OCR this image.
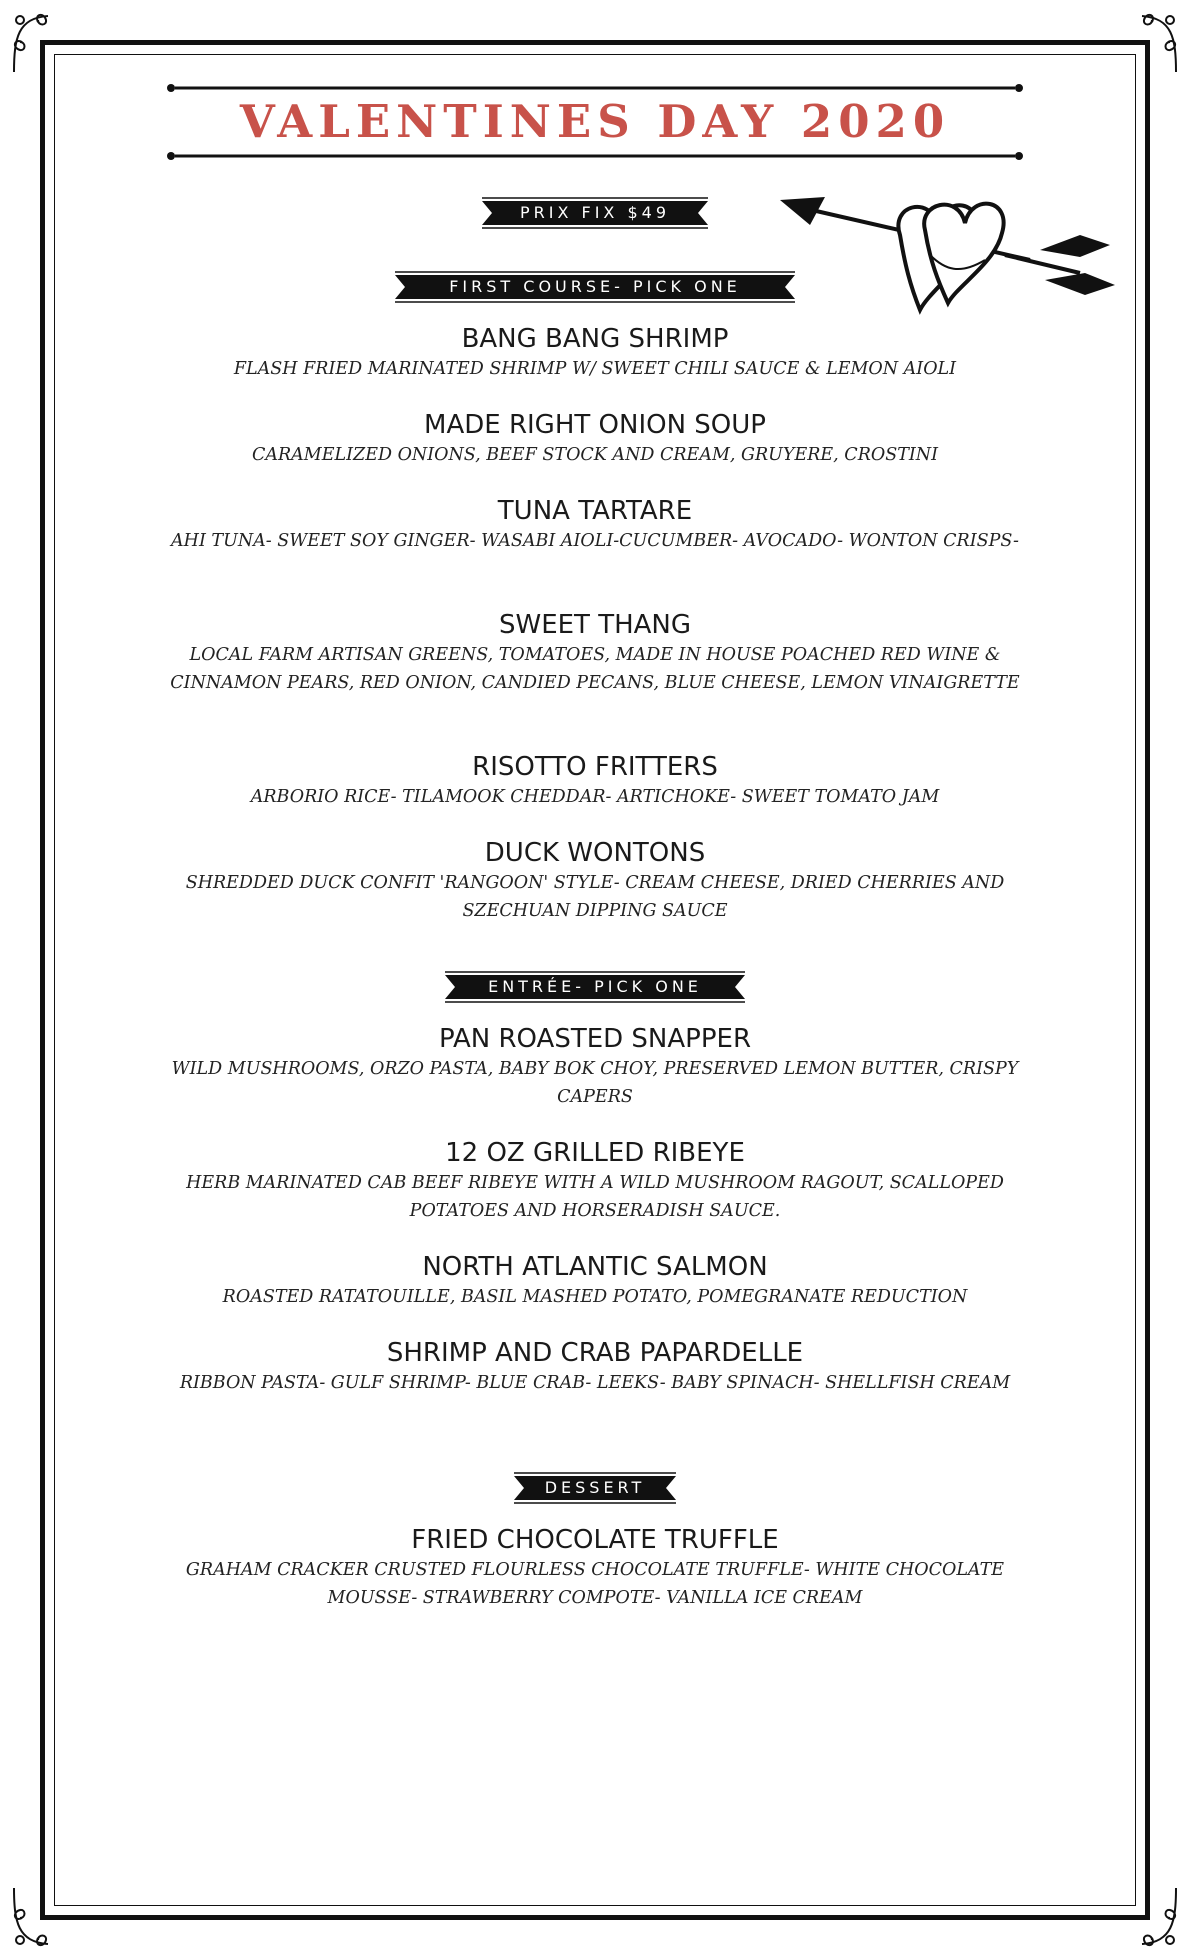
VALENTINES DAY 2020
PRIX FIX $49
FIRST COURSE- PICK ONE

BANG BANG SHRIMP

FLASH FRIED MARINATED SHRIMP W/ SWEET CHILI SAUCE & LEMON AIOLI

MADE RIGHT ONION SOUP

CARAMELIZED ONIONS, BEEF STOCK AND CREAM, GRUYERE, CROSTINI

TUNA TARTARE

AHI TUNA- SWEET SOY GINGER- WASABI AIOLI-CUCUMBER- AVOCADO- WONTON CRISPS-

SWEET THANG

LOCAL FARM ARTISAN GREENS, TOMATOES, MADE IN HOUSE POACHED RED WINE & CINNAMON PEARS, RED ONION, CANDIED PECANS, BLUE CHEESE, LEMON VINAIGRETTE

RISOTTO FRITTERS

ARBORIO RICE- TILAMOOK CHEDDAR- ARTICHOKE- SWEET TOMATO JAM

DUCK WONTONS

SHREDDED DUCK CONFIT 'RANGOON' STYLE- CREAM CHEESE, DRIED CHERRIES AND SZECHUAN DIPPING SAUCE

ENTRÉE- PICK ONE

PAN ROASTED SNAPPER

WILD MUSHROOMS, ORZO PASTA, BABY BOK CHOY, PRESERVED LEMON BUTTER, CRISPY CAPERS

12 OZ GRILLED RIBEYE

HERB MARINATED CAB BEEF RIBEYE WITH A WILD MUSHROOM RAGOUT, SCALLOPED POTATOES AND HORSERADISH SAUCE.

NORTH ATLANTIC SALMON

ROASTED RATATOUILLE, BASIL MASHED POTATO, POMEGRANATE REDUCTION

SHRIMP AND CRAB PAPARDELLE

RIBBON PASTA- GULF SHRIMP- BLUE CRAB- LEEKS- BABY SPINACH- SHELLFISH CREAM

DESSERT

FRIED CHOCOLATE TRUFFLE

GRAHAM CRACKER CRUSTED FLOURLESS CHOCOLATE TRUFFLE- WHITE CHOCOLATE MOUSSE- STRAWBERRY COMPOTE- VANILLA ICE CREAM
